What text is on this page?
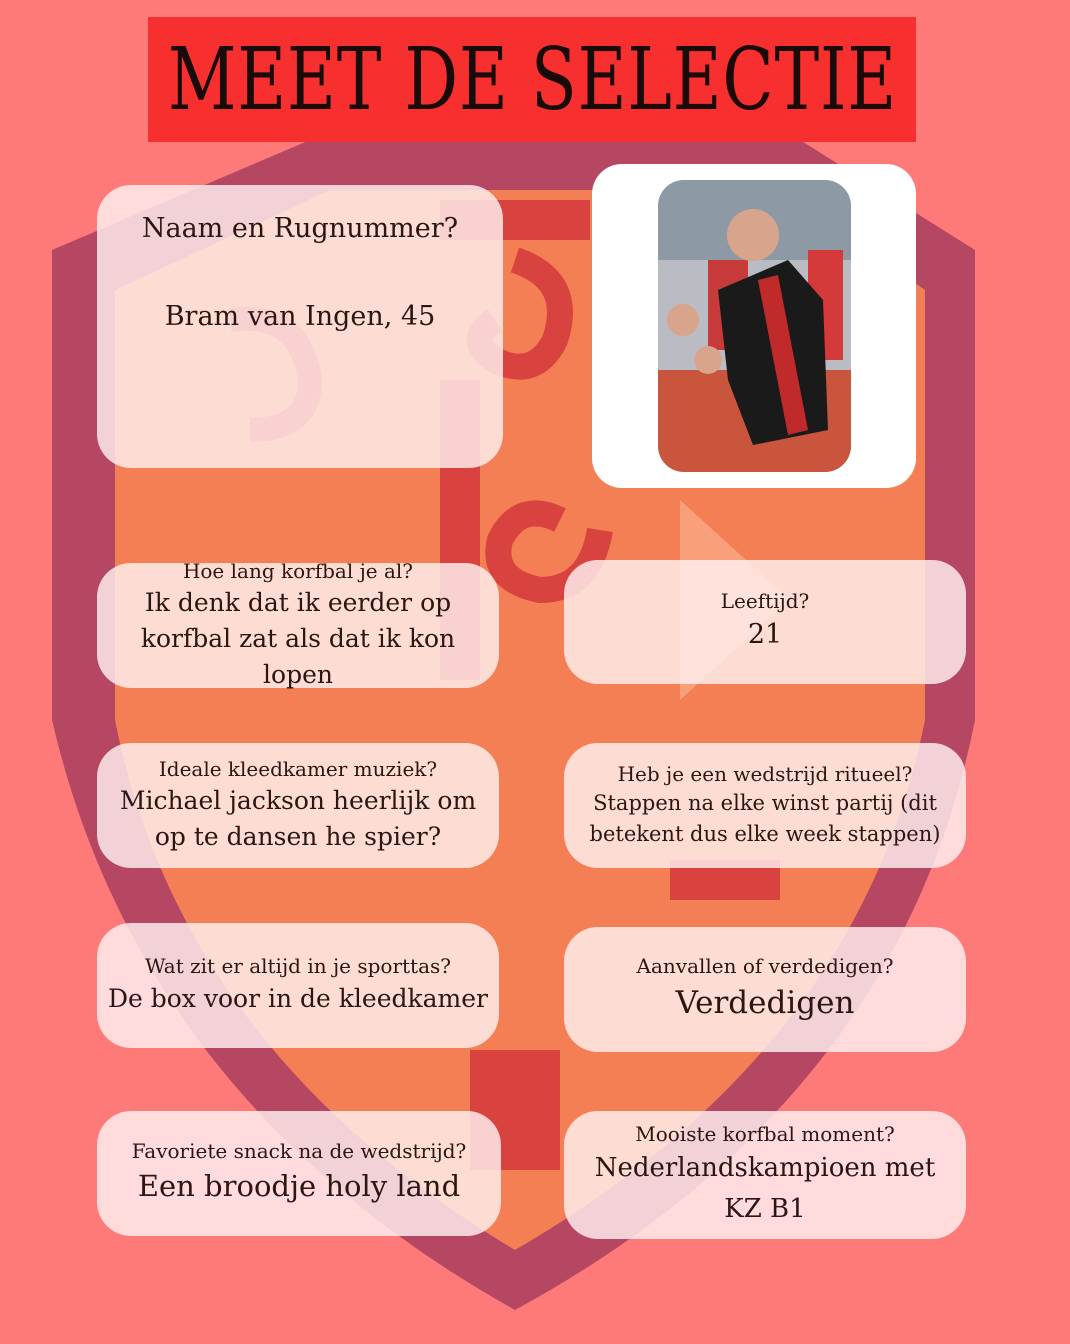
MEET DE SELECTIE
Naam en Rugnummer?
Bram van Ingen, 45
Hoe lang korfbal je al?
Ik denk dat ik eerder op korfbal zat als dat ik kon lopen
Leeftijd?
21
Ideale kleedkamer muziek?
Michael jackson heerlijk om op te dansen he spier?
Heb je een wedstrijd ritueel?
Stappen na elke winst partij (dit betekent dus elke week stappen)
Wat zit er altijd in je sporttas?
De box voor in de kleedkamer
Aanvallen of verdedigen?
Verdedigen
Favoriete snack na de wedstrijd?
Een broodje holy land
Mooiste korfbal moment?
Nederlandskampioen met KZ B1
